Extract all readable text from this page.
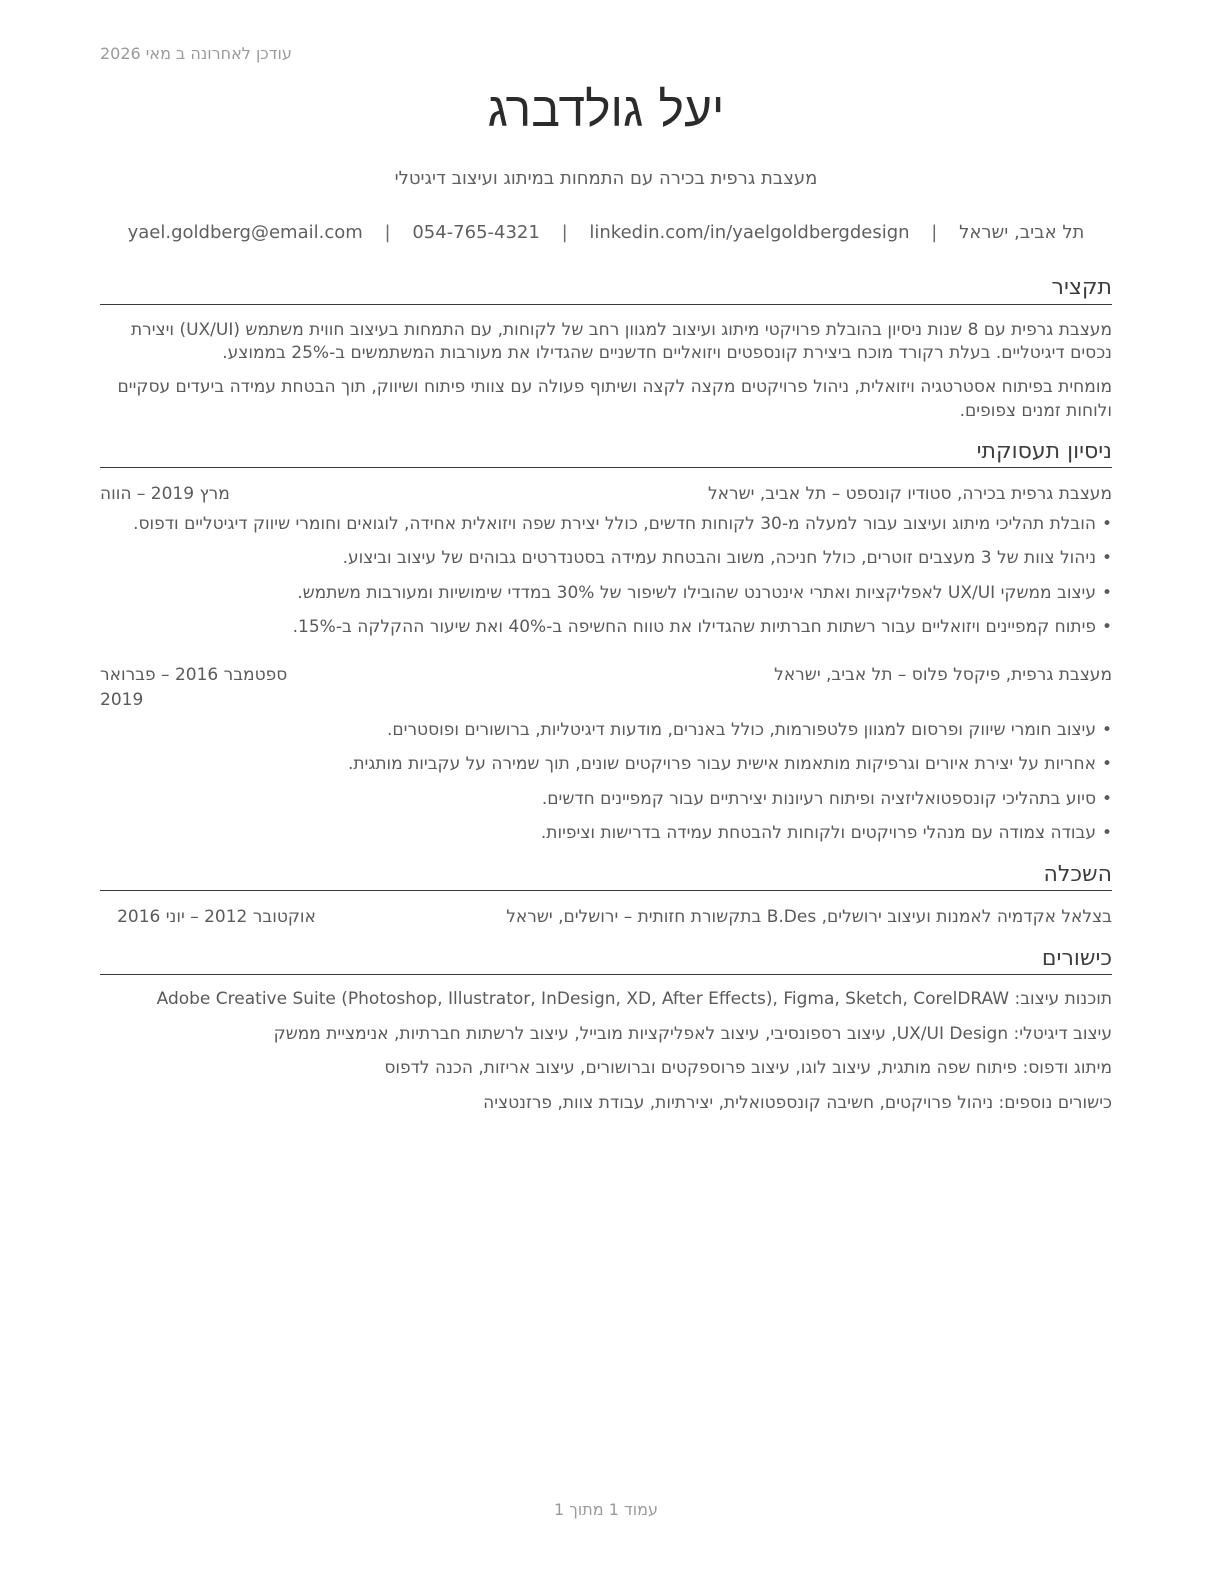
עודכן לאחרונה ב מאי 2026
יעל גולדברג

מעצבת גרפית בכירה עם התמחות במיתוג ועיצוב דיגיטלי

תל אביב, ישראל | yael.goldberg@email.com | 054-765-4321 | linkedin.com/in/yaelgoldbergdesign
תקציר

מעצבת גרפית עם 8 שנות ניסיון בהובלת פרויקטי מיתוג ועיצוב למגוון רחב של לקוחות, עם התמחות בעיצוב חווית משתמש (UX/UI) ויצירת נכסים דיגיטליים. בעלת רקורד מוכח ביצירת קונספטים ויזואליים חדשניים שהגדילו את מעורבות המשתמשים ב-25% בממוצע.

מומחית בפיתוח אסטרטגיה ויזואלית, ניהול פרויקטים מקצה לקצה ושיתוף פעולה עם צוותי פיתוח ושיווק, תוך הבטחת עמידה ביעדים עסקיים ולוחות זמנים צפופים.

ניסיון תעסוקתי
מעצבת גרפית בכירה, סטודיו קונספט – תל אביב, ישראל
מרץ 2019 – הווה
• הובלת תהליכי מיתוג ועיצוב עבור למעלה מ-30 לקוחות חדשים, כולל יצירת שפה ויזואלית אחידה, לוגואים וחומרי שיווק דיגיטליים ודפוס.
• ניהול צוות של 3 מעצבים זוטרים, כולל חניכה, משוב והבטחת עמידה בסטנדרטים גבוהים של עיצוב וביצוע.
• עיצוב ממשקי UX/UI לאפליקציות ואתרי אינטרנט שהובילו לשיפור של 30% במדדי שימושיות ומעורבות משתמש.
• פיתוח קמפיינים ויזואליים עבור רשתות חברתיות שהגדילו את טווח החשיפה ב-40% ואת שיעור ההקלקה ב-15%.
מעצבת גרפית, פיקסל פלוס – תל אביב, ישראל
ספטמבר 2016 – פברואר 2019
• עיצוב חומרי שיווק ופרסום למגוון פלטפורמות, כולל באנרים, מודעות דיגיטליות, ברושורים ופוסטרים.
• אחריות על יצירת איורים וגרפיקות מותאמות אישית עבור פרויקטים שונים, תוך שמירה על עקביות מותגית.
• סיוע בתהליכי קונספטואליזציה ופיתוח רעיונות יצירתיים עבור קמפיינים חדשים.
• עבודה צמודה עם מנהלי פרויקטים ולקוחות להבטחת עמידה בדרישות וציפיות.
השכלה
בצלאל אקדמיה לאמנות ועיצוב ירושלים, B.Des בתקשורת חזותית – ירושלים, ישראל
אוקטובר 2012 – יוני 2016
כישורים
תוכנות עיצוב: Adobe Creative Suite (Photoshop, Illustrator, InDesign, XD, After Effects), Figma, Sketch, CorelDRAW
עיצוב דיגיטלי: UX/UI Design, עיצוב רספונסיבי, עיצוב לאפליקציות מובייל, עיצוב לרשתות חברתיות, אנימציית ממשק
מיתוג ודפוס: פיתוח שפה מותגית, עיצוב לוגו, עיצוב פרוספקטים וברושורים, עיצוב אריזות, הכנה לדפוס
כישורים נוספים: ניהול פרויקטים, חשיבה קונספטואלית, יצירתיות, עבודת צוות, פרזנטציה
עמוד 1 מתוך 1
